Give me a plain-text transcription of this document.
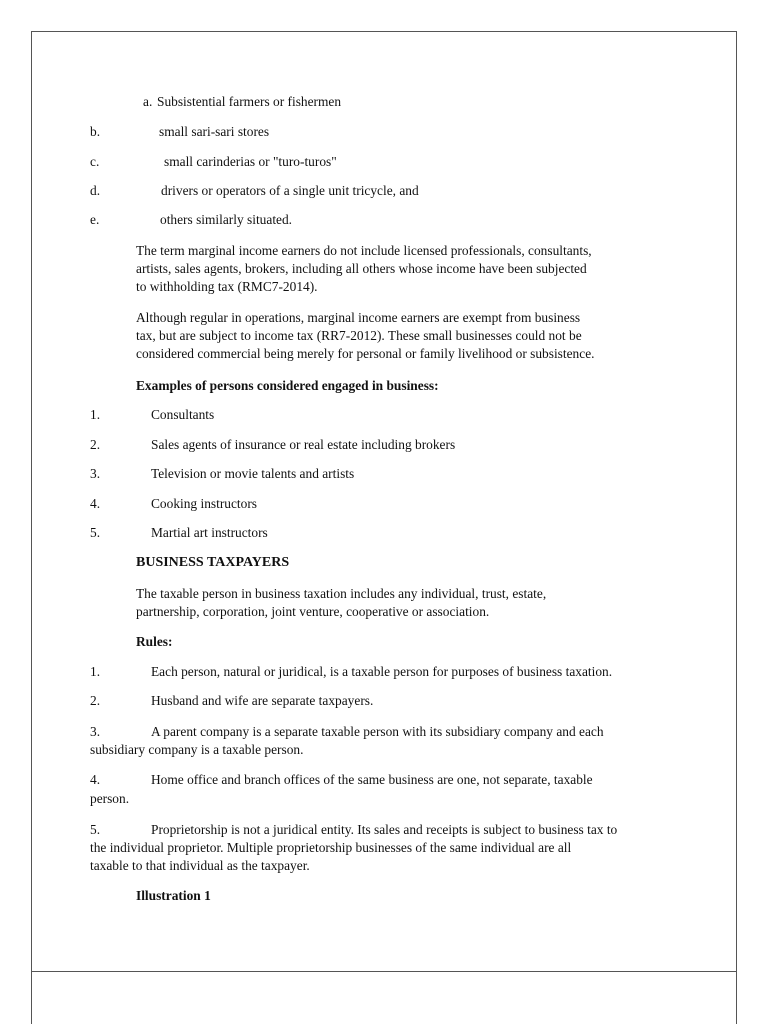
a. Subsistential farmers or fishermen
b.	small sari-sari stores
c.	small carinderias or "turo-turos"
d.	drivers or operators of a single unit tricycle, and
e.	others similarly situated.
The term marginal income earners do not include licensed professionals, consultants,
artists, sales agents, brokers, including all others whose income have been subjected
to withholding tax (RMC7-2014).
Although regular in operations, marginal income earners are exempt from business
tax, but are subject to income tax (RR7-2012). These small businesses could not be
considered commercial being merely for personal or family livelihood or subsistence.
Examples of persons considered engaged in business:
1.	Consultants
2.	Sales agents of insurance or real estate including brokers
3.	Television or movie talents and artists
4.	Cooking instructors
5.	Martial art instructors
BUSINESS TAXPAYERS
The taxable person in business taxation includes any individual, trust, estate,
partnership, corporation, joint venture, cooperative or association.
Rules:
1.	Each person, natural or juridical, is a taxable person for purposes of business taxation.
2.	Husband and wife are separate taxpayers.
3.	A parent company is a separate taxable person with its subsidiary company and each
subsidiary company is a taxable person.
4.	Home office and branch offices of the same business are one, not separate, taxable
person.
5.	Proprietorship is not a juridical entity. Its sales and receipts is subject to business tax to
the individual proprietor. Multiple proprietorship businesses of the same individual are all
taxable to that individual as the taxpayer.
Illustration 1
